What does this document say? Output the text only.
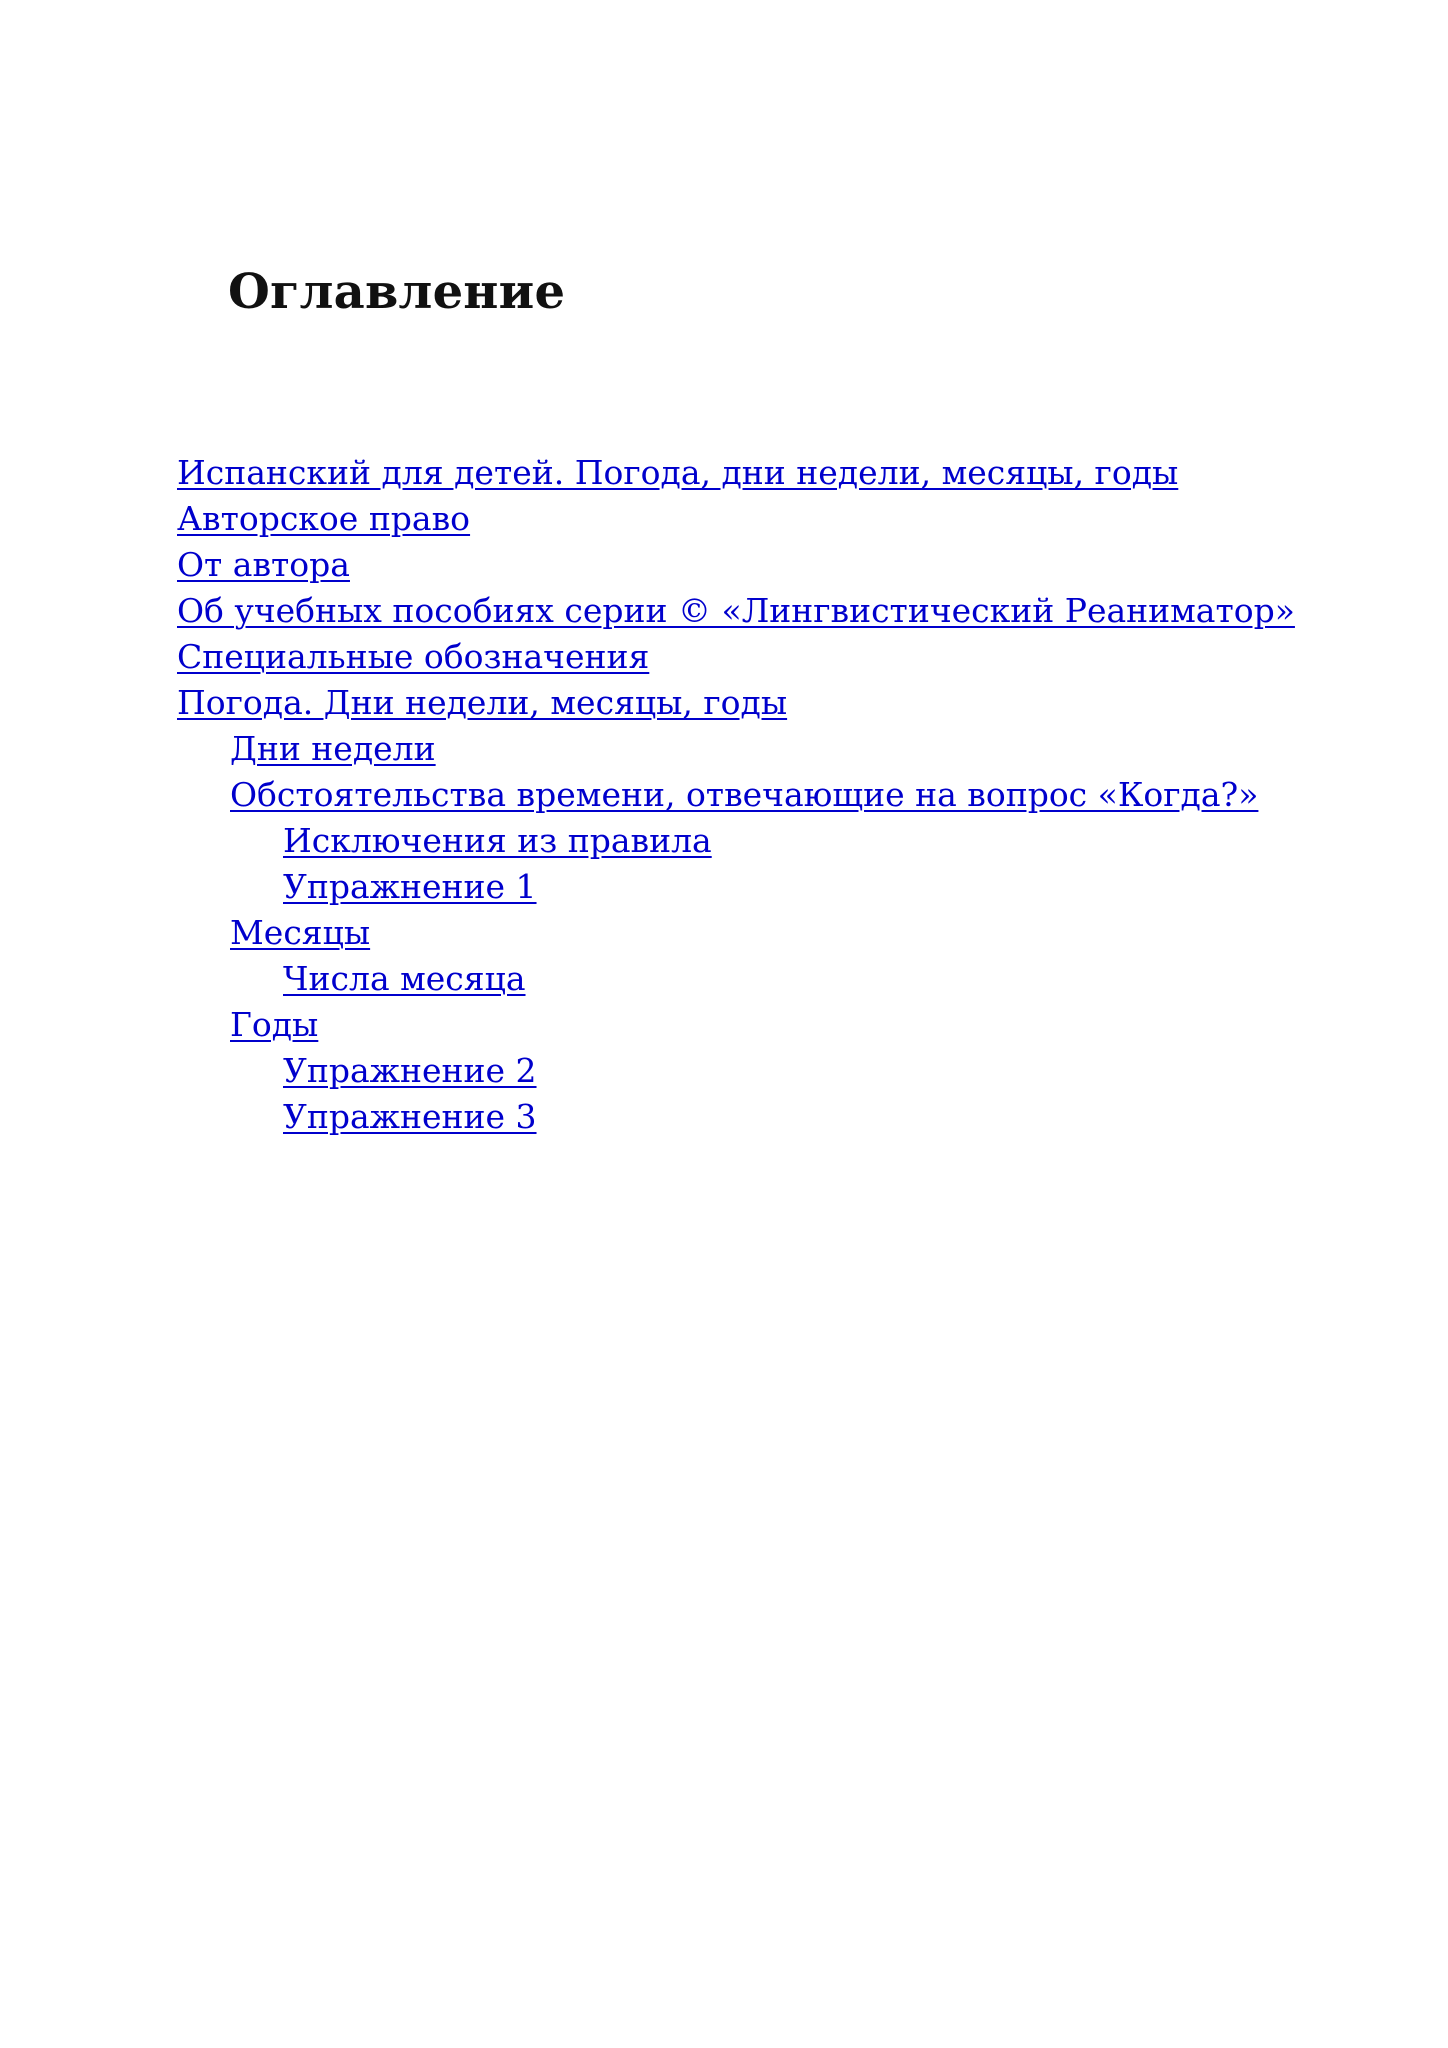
Оглавление
Испанский для детей. Погода, дни недели, месяцы, годы
Авторское право
От автора
Об учебных пособиях серии © «Лингвистический Реаниматор»
Специальные обозначения
Погода. Дни недели, месяцы, годы
Дни недели
Обстоятельства времени, отвечающие на вопрос «Когда?»
Исключения из правила
Упражнение 1
Месяцы
Числа месяца
Годы
Упражнение 2
Упражнение 3
